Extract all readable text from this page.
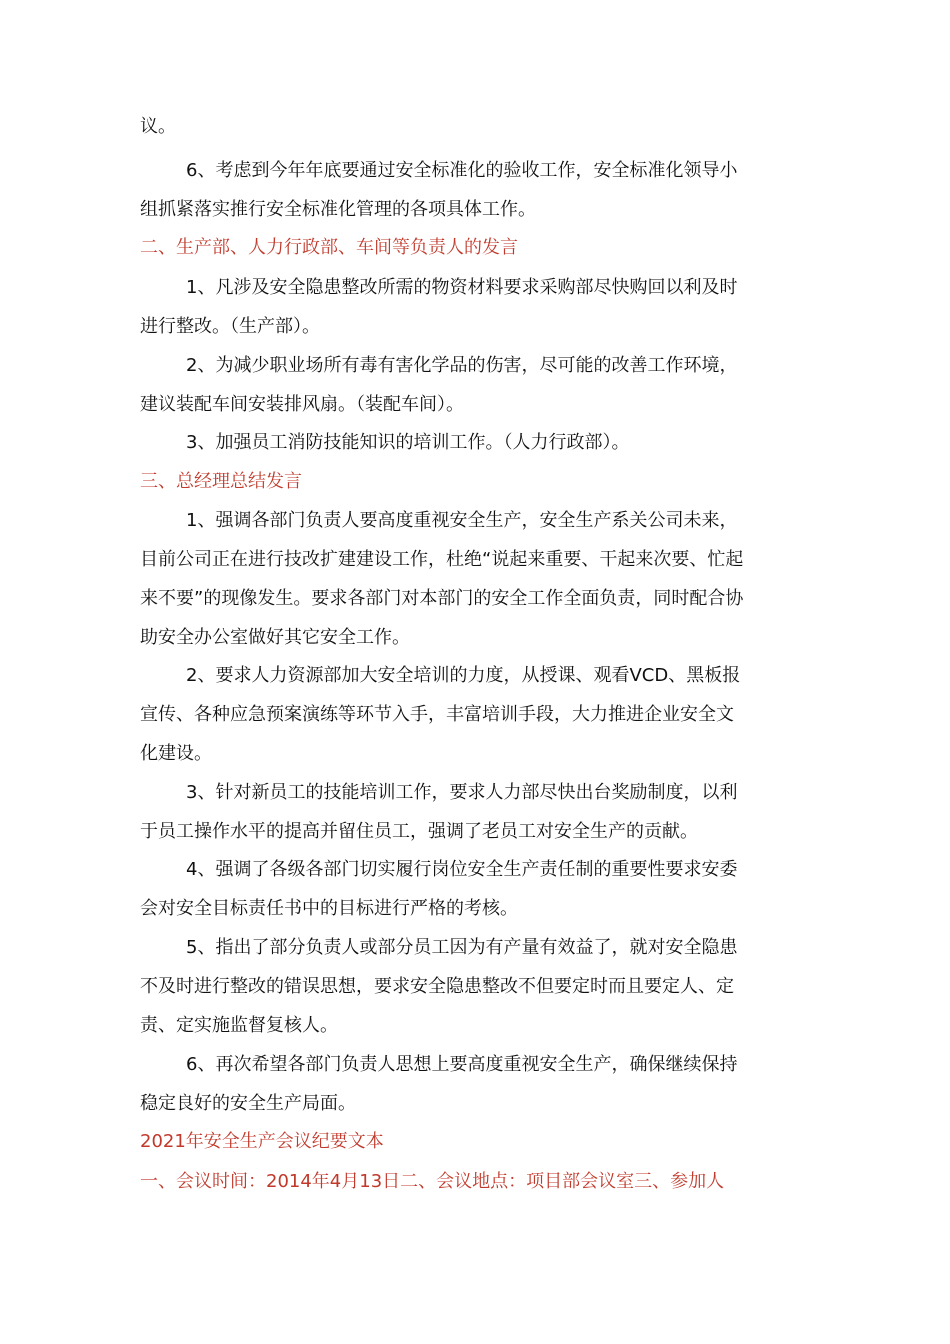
议。
6、考虑到今年年底要通过安全标准化的验收工作，安全标准化领导小
组抓紧落实推行安全标准化管理的各项具体工作。
二、生产部、人力行政部、车间等负责人的发言
1、凡涉及安全隐患整改所需的物资材料要求采购部尽快购回以利及时
进行整改。（生产部）。
2、为减少职业场所有毒有害化学品的伤害，尽可能的改善工作环境，
建议装配车间安装排风扇。（装配车间）。
3、加强员工消防技能知识的培训工作。（人力行政部）。
三、总经理总结发言
1、强调各部门负责人要高度重视安全生产，安全生产系关公司未来，
目前公司正在进行技改扩建建设工作，杜绝“说起来重要、干起来次要、忙起
来不要”的现像发生。要求各部门对本部门的安全工作全面负责，同时配合协
助安全办公室做好其它安全工作。
2、要求人力资源部加大安全培训的力度，从授课、观看VCD、黑板报
宣传、各种应急预案演练等环节入手，丰富培训手段，大力推进企业安全文
化建设。
3、针对新员工的技能培训工作，要求人力部尽快出台奖励制度，以利
于员工操作水平的提高并留住员工，强调了老员工对安全生产的贡献。
4、强调了各级各部门切实履行岗位安全生产责任制的重要性要求安委
会对安全目标责任书中的目标进行严格的考核。
5、指出了部分负责人或部分员工因为有产量有效益了，就对安全隐患
不及时进行整改的错误思想，要求安全隐患整改不但要定时而且要定人、定
责、定实施监督复核人。
6、再次希望各部门负责人思想上要高度重视安全生产，确保继续保持
稳定良好的安全生产局面。
2021年安全生产会议纪要文本
一、会议时间：2014年4月13日二、会议地点：项目部会议室三、参加人
